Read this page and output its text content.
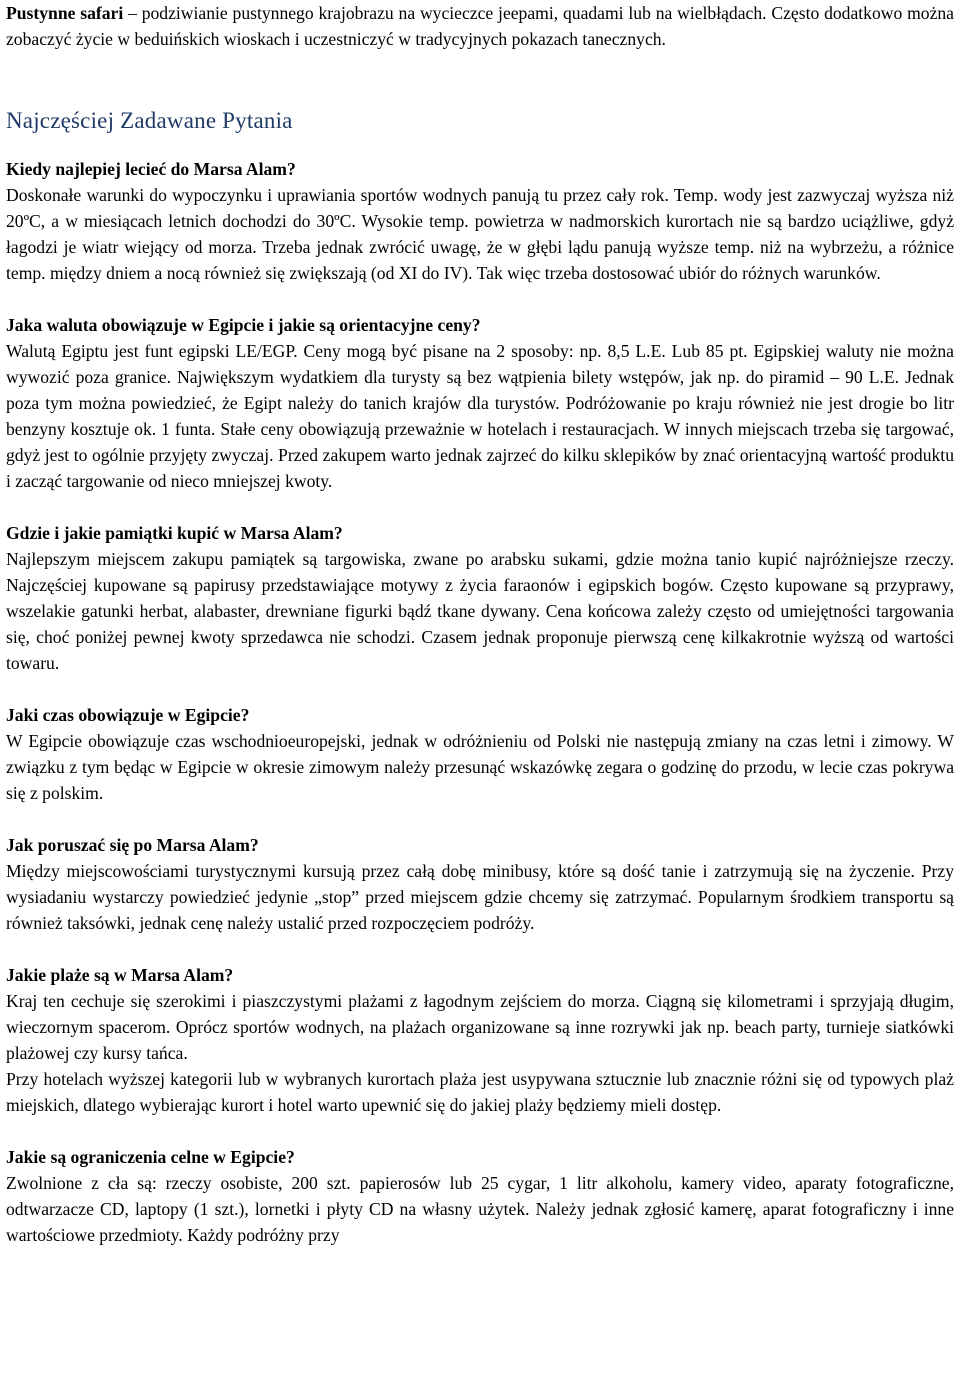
Pustynne safari – podziwianie pustynnego krajobrazu na wycieczce jeepami, quadami lub na wielbłądach. Często dodatkowo można zobaczyć życie w beduińskich wioskach i uczestniczyć w tradycyjnych pokazach tanecznych.

Najczęściej Zadawane Pytania

Kiedy najlepiej lecieć do Marsa Alam?

Doskonałe warunki do wypoczynku i uprawiania sportów wodnych panują tu przez cały rok. Temp. wody jest zazwyczaj wyższa niż 20ºC, a w miesiącach letnich dochodzi do 30ºC. Wysokie temp. powietrza w nadmorskich kurortach nie są bardzo uciążliwe, gdyż łagodzi je wiatr wiejący od morza. Trzeba jednak zwrócić uwagę, że w głębi lądu panują wyższe temp. niż na wybrzeżu, a różnice temp. między dniem a nocą również się zwiększają (od XI do IV). Tak więc trzeba dostosować ubiór do różnych warunków.

Jaka waluta obowiązuje w Egipcie i jakie są orientacyjne ceny?

Walutą Egiptu jest funt egipski LE/EGP. Ceny mogą być pisane na 2 sposoby: np. 8,5 L.E. Lub 85 pt. Egipskiej waluty nie można wywozić poza granice. Największym wydatkiem dla turysty są bez wątpienia bilety wstępów, jak np. do piramid – 90 L.E. Jednak poza tym można powiedzieć, że Egipt należy do tanich krajów dla turystów. Podróżowanie po kraju również nie jest drogie bo litr benzyny kosztuje ok. 1 funta. Stałe ceny obowiązują przeważnie w hotelach i restauracjach. W innych miejscach trzeba się targować, gdyż jest to ogólnie przyjęty zwyczaj. Przed zakupem warto jednak zajrzeć do kilku sklepików by znać orientacyjną wartość produktu i zacząć targowanie od nieco mniejszej kwoty.

Gdzie i jakie pamiątki kupić w Marsa Alam?

Najlepszym miejscem zakupu pamiątek są targowiska, zwane po arabsku sukami, gdzie można tanio kupić najróżniejsze rzeczy. Najczęściej kupowane są papirusy przedstawiające motywy z życia faraonów i egipskich bogów. Często kupowane są przyprawy, wszelakie gatunki herbat, alabaster, drewniane figurki bądź tkane dywany. Cena końcowa zależy często od umiejętności targowania się, choć poniżej pewnej kwoty sprzedawca nie schodzi. Czasem jednak proponuje pierwszą cenę kilkakrotnie wyższą od wartości towaru.

Jaki czas obowiązuje w Egipcie?

W Egipcie obowiązuje czas wschodnioeuropejski, jednak w odróżnieniu od Polski nie następują zmiany na czas letni i zimowy. W związku z tym będąc w Egipcie w okresie zimowym należy przesunąć wskazówkę zegara o godzinę do przodu, w lecie czas pokrywa się z polskim.

Jak poruszać się po Marsa Alam?

Między miejscowościami turystycznymi kursują przez całą dobę minibusy, które są dość tanie i zatrzymują się na życzenie. Przy wysiadaniu wystarczy powiedzieć jedynie „stop” przed miejscem gdzie chcemy się zatrzymać. Popularnym środkiem transportu są również taksówki, jednak cenę należy ustalić przed rozpoczęciem podróży.

Jakie plaże są w Marsa Alam?

Kraj ten cechuje się szerokimi i piaszczystymi plażami z łagodnym zejściem do morza. Ciągną się kilometrami i sprzyjają długim, wieczornym spacerom. Oprócz sportów wodnych, na plażach organizowane są inne rozrywki jak np. beach party, turnieje siatkówki plażowej czy kursy tańca.

Przy hotelach wyższej kategorii lub w wybranych kurortach plaża jest usypywana sztucznie lub znacznie różni się od typowych plaż miejskich, dlatego wybierając kurort i hotel warto upewnić się do jakiej plaży będziemy mieli dostęp.

Jakie są ograniczenia celne w Egipcie?

Zwolnione z cła są: rzeczy osobiste, 200 szt. papierosów lub 25 cygar, 1 litr alkoholu, kamery video, aparaty fotograficzne, odtwarzacze CD, laptopy (1 szt.), lornetki i płyty CD na własny użytek. Należy jednak zgłosić kamerę, aparat fotograficzny i inne wartościowe przedmioty. Każdy podróżny przy
